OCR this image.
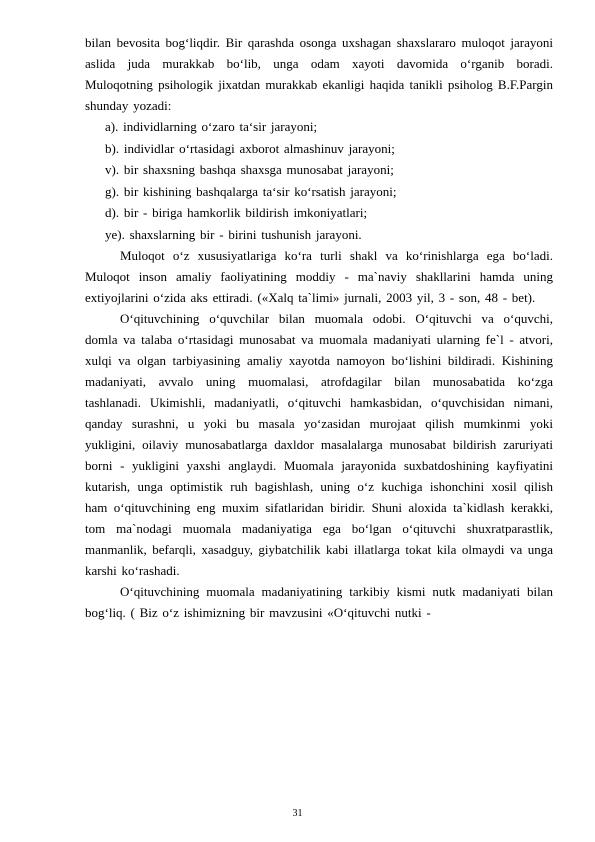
bilan bevosita bog‘liqdir. Bir qarashda osonga uxshagan shaxslararo muloqot jarayoni aslida juda murakkab bo‘lib, unga odam xayoti davomida o‘rganib boradi. Muloqotning psihologik jixatdan murakkab ekanligi haqida tanikli psiholog B.F.Pargin shunday yozadi:

a). individlarning o‘zaro ta‘sir jarayoni;

b). individlar o‘rtasidagi axborot almashinuv jarayoni;

v). bir shaxsning bashqa shaxsga munosabat jarayoni;

g). bir kishining bashqalarga ta‘sir ko‘rsatish jarayoni;

d). bir - biriga hamkorlik bildirish imkoniyatlari;

ye). shaxslarning bir - birini tushunish jarayoni.

Muloqot o‘z xususiyatlariga ko‘ra turli shakl va ko‘rinishlarga ega bo‘ladi. Muloqot inson amaliy faoliyatining moddiy - ma`naviy shakllarini hamda uning extiyojlarini o‘zida aks ettiradi. («Xalq ta`limi» jurnali, 2003 yil, 3 - son, 48 - bet).

O‘qituvchining o‘quvchilar bilan muomala odobi. O‘qituvchi va o‘quvchi, domla va talaba o‘rtasidagi munosabat va muomala madaniyati ularning fe`l - atvori, xulqi va olgan tarbiyasining amaliy xayotda namoyon bo‘lishini bildiradi. Kishining madaniyati, avvalo uning muomalasi, atrofdagilar bilan munosabatida ko‘zga tashlanadi. Ukimishli, madaniyatli, o‘qituvchi hamkasbidan, o‘quvchisidan nimani, qanday surashni, u yoki bu masala yo‘zasidan murojaat qilish mumkinmi yoki yukligini, oilaviy munosabatlarga daxldor masalalarga munosabat bildirish zaruriyati borni - yukligini yaxshi anglaydi. Muomala jarayonida suxbatdoshining kayfiyatini kutarish, unga optimistik ruh bagishlash, uning o‘z kuchiga ishonchini xosil qilish ham o‘qituvchining eng muxim sifatlaridan biridir. Shuni aloxida ta`kidlash kerakki, tom ma`nodagi muomala madaniyatiga ega bo‘lgan o‘qituvchi shuxratparastlik, manmanlik, befarqli, xasadguy, giybatchilik kabi illatlarga tokat kila olmaydi va unga karshi ko‘rashadi.

O‘qituvchining muomala madaniyatining tarkibiy kismi nutk madaniyati bilan bog‘liq. ( Biz o‘z ishimizning bir mavzusini «O‘qituvchi nutki -

31
